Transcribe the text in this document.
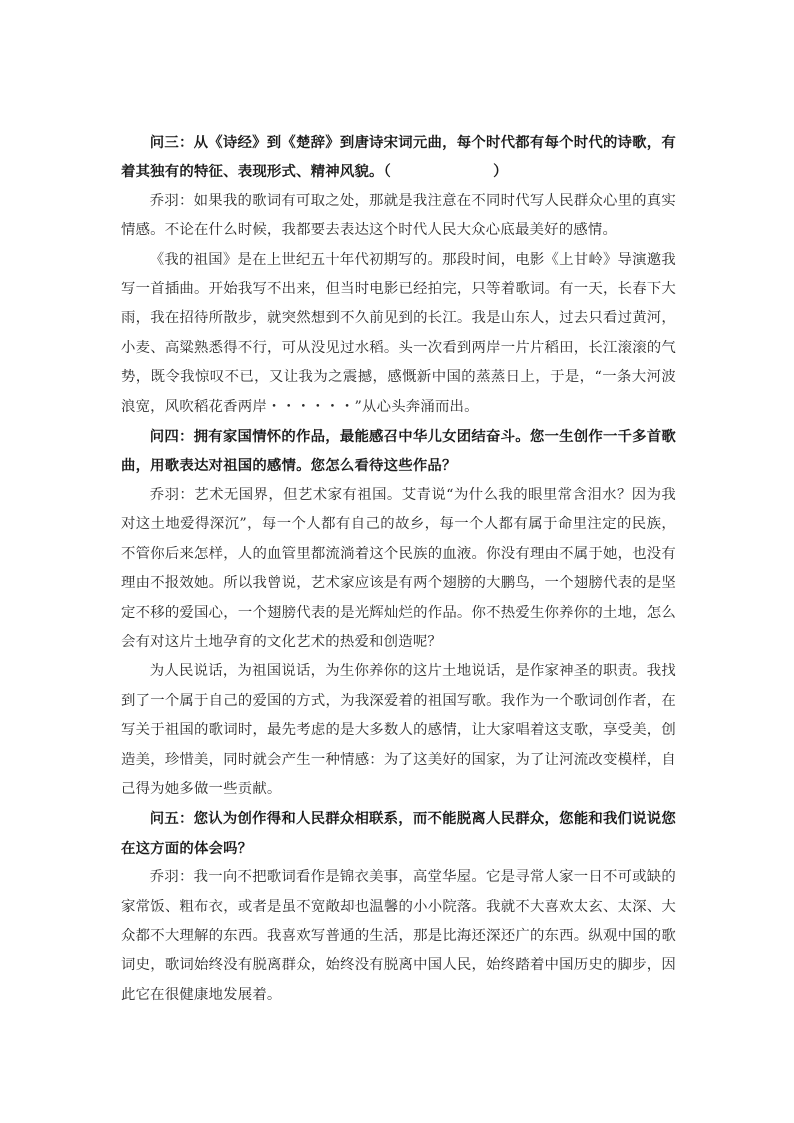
问三：从《诗经》到《楚辞》到唐诗宋词元曲，每个时代都有每个时代的诗歌，有着其独有的特征、表现形式、精神风貌。（　　　　　　　）

乔羽：如果我的歌词有可取之处，那就是我注意在不同时代写人民群众心里的真实情感。不论在什么时候，我都要去表达这个时代人民大众心底最美好的感情。

《我的祖国》是在上世纪五十年代初期写的。那段时间，电影《上甘岭》导演邀我写一首插曲。开始我写不出来，但当时电影已经拍完，只等着歌词。有一天，长春下大雨，我在招待所散步，就突然想到不久前见到的长江。我是山东人，过去只看过黄河，小麦、高粱熟悉得不行，可从没见过水稻。头一次看到两岸一片片稻田，长江滚滚的气势，既令我惊叹不已，又让我为之震撼，感慨新中国的蒸蒸日上，于是，“一条大河波浪宽，风吹稻花香两岸・・・・・・”从心头奔涌而出。

问四：拥有家国情怀的作品，最能感召中华儿女团结奋斗。您一生创作一千多首歌曲，用歌表达对祖国的感情。您怎么看待这些作品？

乔羽：艺术无国界，但艺术家有祖国。艾青说“为什么我的眼里常含泪水？因为我对这土地爱得深沉”，每一个人都有自己的故乡，每一个人都有属于命里注定的民族，不管你后来怎样，人的血管里都流淌着这个民族的血液。你没有理由不属于她，也没有理由不报效她。所以我曾说，艺术家应该是有两个翅膀的大鹏鸟，一个翅膀代表的是坚定不移的爱国心，一个翅膀代表的是光辉灿烂的作品。你不热爱生你养你的土地，怎么会有对这片土地孕育的文化艺术的热爱和创造呢？

为人民说话，为祖国说话，为生你养你的这片土地说话，是作家神圣的职责。我找到了一个属于自己的爱国的方式，为我深爱着的祖国写歌。我作为一个歌词创作者，在写关于祖国的歌词时，最先考虑的是大多数人的感情，让大家唱着这支歌，享受美，创造美，珍惜美，同时就会产生一种情感：为了这美好的国家，为了让河流改变模样，自己得为她多做一些贡献。

问五：您认为创作得和人民群众相联系，而不能脱离人民群众，您能和我们说说您在这方面的体会吗？

乔羽：我一向不把歌词看作是锦衣美事，高堂华屋。它是寻常人家一日不可或缺的家常饭、粗布衣，或者是虽不宽敞却也温馨的小小院落。我就不大喜欢太玄、太深、大众都不大理解的东西。我喜欢写普通的生活，那是比海还深还广的东西。纵观中国的歌词史，歌词始终没有脱离群众，始终没有脱离中国人民，始终踏着中国历史的脚步，因此它在很健康地发展着。
